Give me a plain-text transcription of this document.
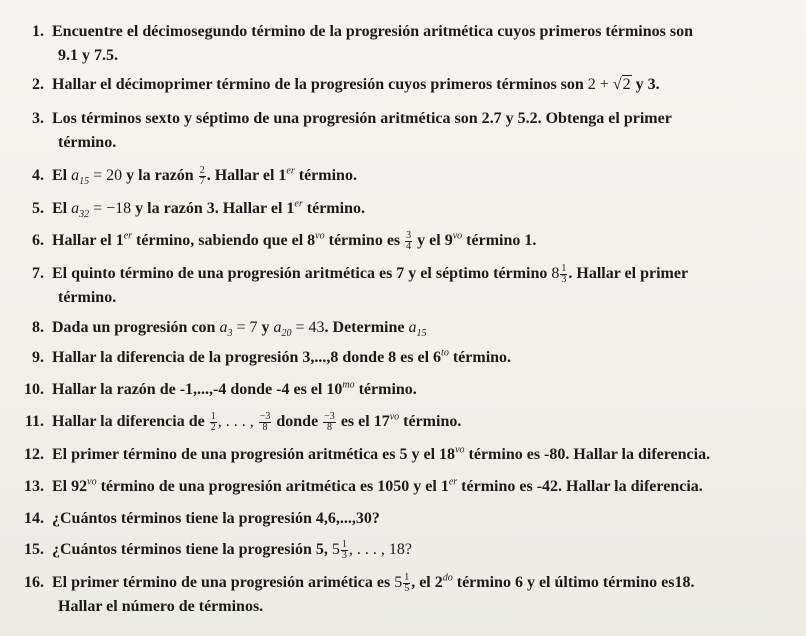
1. Encuentre el décimosegundo término de la progresión aritmética cuyos primeros términos son
9.1 y 7.5.
2. Hallar el décimoprimer término de la progresión cuyos primeros términos son 2 + √2 y 3.
3. Los términos sexto y séptimo de una progresión aritmética son 2.7 y 5.2. Obtenga el primer
término.
4. El $a_{15} = 20$ y la razón $\frac{2}{7}$ . Hallar el 1er término.
5. El $a_{32} = -18$ y la razón 3. Hallar el 1er término.
6. Hallar el 1er término, sabiendo que el $8^{vo}$ término es $\frac{3}{4}$ y el $9^{vo}$ término 1.
7. El quinto término de una progresión aritmética es 7 y el séptimo término $8 \frac{1}{3}$ . Hallar el primer
término.
8. Dada un progresión con $a_3 = 7$ y $a_{20} = 43$. Determine $a_{15}$
9. Hallar la diferencia de la progresión 3,...,8 donde 8 es el $6^{to}$ término.
10. Hallar la razón de -1,...,-4 donde -4 es el $10^{mo}$ término.
11. Hallar la diferencia de $\frac{1}{2}$ , . . . , $\frac{-3}{8}$ donde $\frac{-3}{8}$ es el $17^{vo}$ término.
12. El primer término de una progresión aritmética es 5 y el $18^{vo}$ término es -80. Hallar la diferencia.
13. El $92^{vo}$ término de una progresión aritmética es 1050 y el 1er término es -42. Hallar la diferencia.
14. ¿Cuántos términos tiene la progresión 4,6,...,30?
15. ¿Cuántos términos tiene la progresión 5, $5 \frac{1}{3}$ , . . . , 18?
16. El primer término de una progresión arimética es $5 \frac{1}{5}$ , el $2^{do}$ término 6 y el último término es18.
Hallar el número de términos.
